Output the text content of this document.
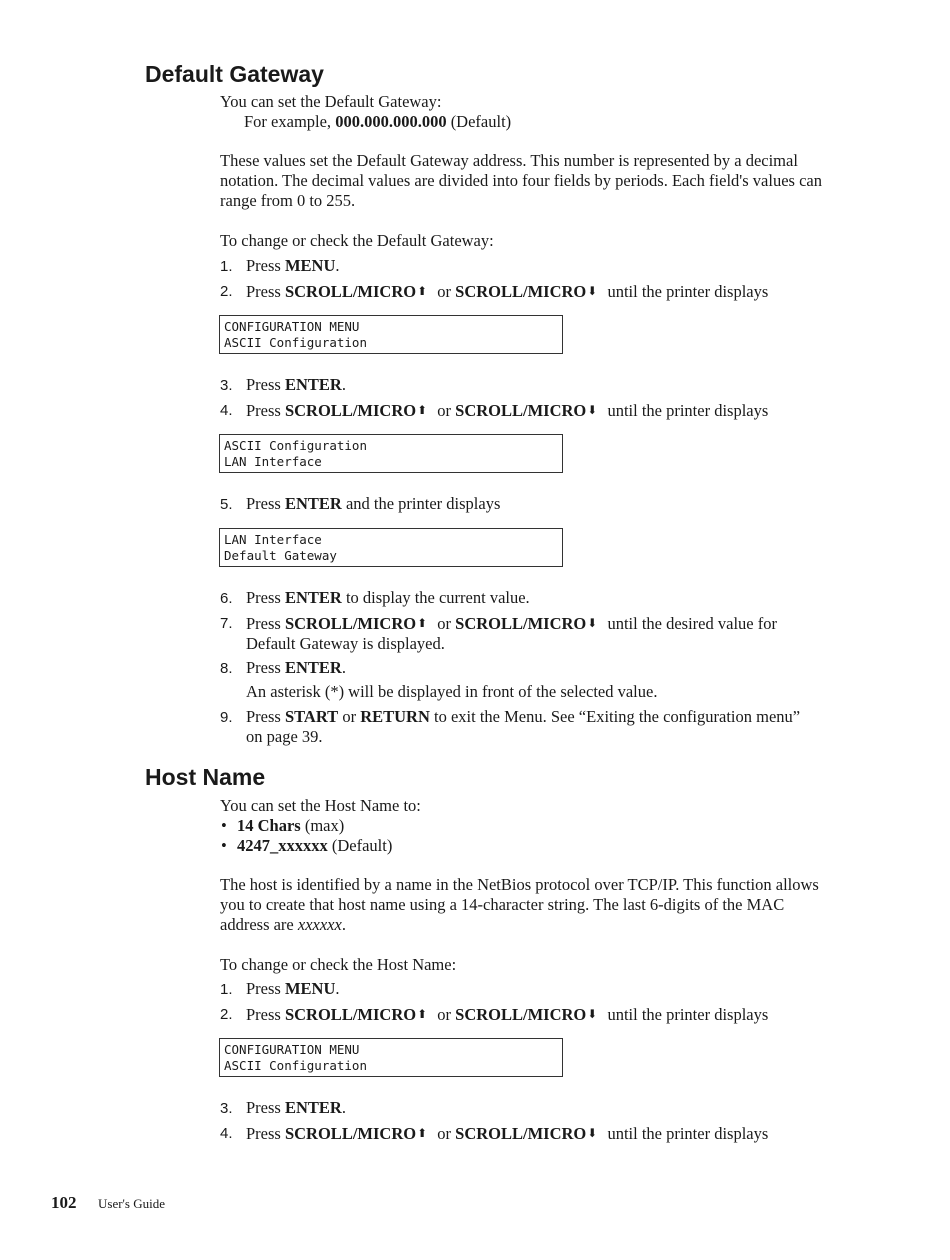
Default Gateway
You can set the Default Gateway:
For example, 000.000.000.000 (Default)
These values set the Default Gateway address. This number is represented by a decimal notation. The decimal values are divided into four fields by periods. Each field's values can range from 0 to 255.
To change or check the Default Gateway:
1. Press MENU.
2. Press SCROLL/MICRO⬆ or SCROLL/MICRO⬇ until the printer displays
CONFIGURATION MENU
ASCII Configuration
3. Press ENTER.
4. Press SCROLL/MICRO⬆ or SCROLL/MICRO⬇ until the printer displays
ASCII Configuration
LAN Interface
5. Press ENTER and the printer displays
LAN Interface
Default Gateway
6. Press ENTER to display the current value.
7. Press SCROLL/MICRO⬆ or SCROLL/MICRO⬇ until the desired value for Default Gateway is displayed.
8. Press ENTER.
An asterisk (*) will be displayed in front of the selected value.
9. Press START or RETURN to exit the Menu. See “Exiting the configuration menu” on page 39.
Host Name
You can set the Host Name to:
• 14 Chars (max)
• 4247_xxxxxx (Default)
The host is identified by a name in the NetBios protocol over TCP/IP. This function allows you to create that host name using a 14-character string. The last 6-digits of the MAC address are xxxxxx.
To change or check the Host Name:
1. Press MENU.
2. Press SCROLL/MICRO⬆ or SCROLL/MICRO⬇ until the printer displays
CONFIGURATION MENU
ASCII Configuration
3. Press ENTER.
4. Press SCROLL/MICRO⬆ or SCROLL/MICRO⬇ until the printer displays
102 User's Guide
